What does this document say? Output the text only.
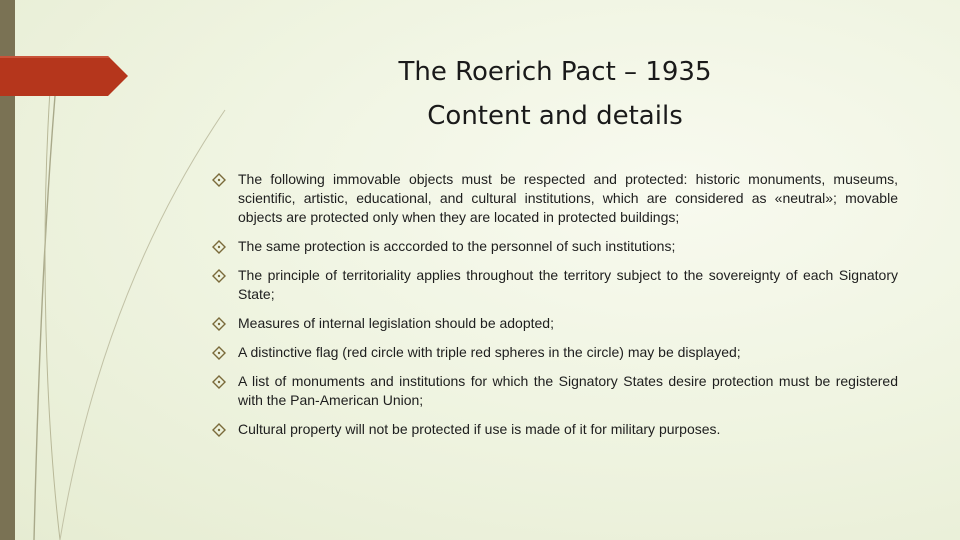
The Roerich Pact – 1935
Content and details
The following immovable objects must be respected and protected: historic monuments, museums, scientific, artistic, educational, and cultural institutions, which are considered as «neutral»; movable objects are protected only when they are located in protected buildings;
The same protection is acccorded to the personnel of such institutions;
The principle of territoriality applies throughout the territory subject to the sovereignty of each Signatory State;
Measures of internal legislation should be adopted;
A distinctive flag (red circle with triple red spheres in the circle) may be displayed;
A list of monuments and institutions for which the Signatory States desire protection must be registered with the Pan-American Union;
Cultural property will not be protected if use is made of it for military purposes.
